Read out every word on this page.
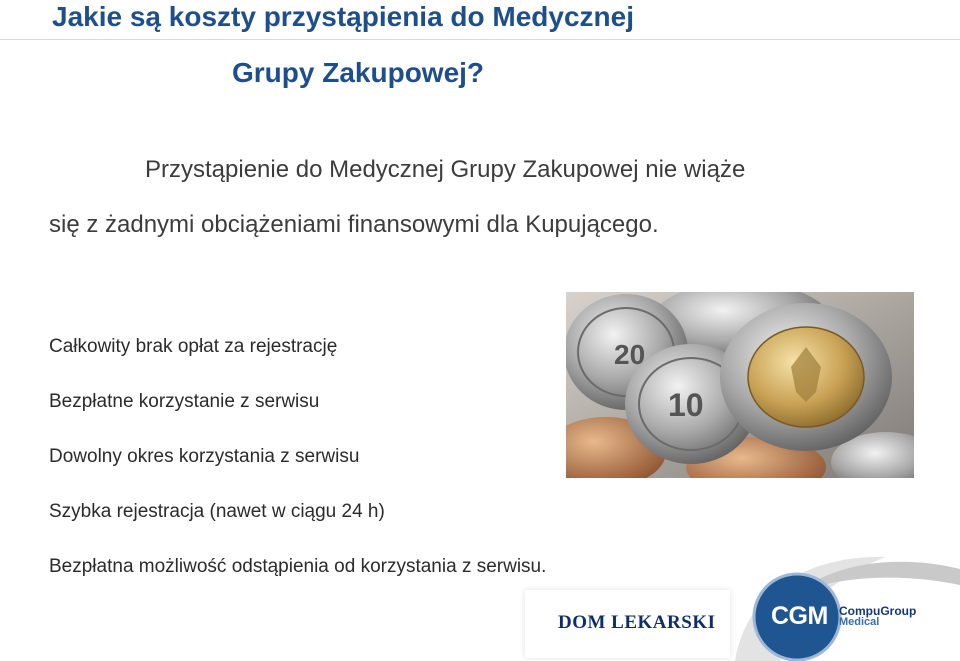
Jakie są koszty przystąpienia do Medycznej
Grupy Zakupowej?
Przystąpienie do Medycznej Grupy Zakupowej nie wiąże
się z żadnymi obciążeniami finansowymi dla Kupującego.
Całkowity brak opłat za rejestrację
Bezpłatne korzystanie z serwisu
Dowolny okres korzystania z serwisu
Szybka rejestracja (nawet w ciągu 24 h)
Bezpłatna możliwość odstąpienia od korzystania z serwisu.
20
10
DOM LEKARSKI CGM CompuGroup
Medical
